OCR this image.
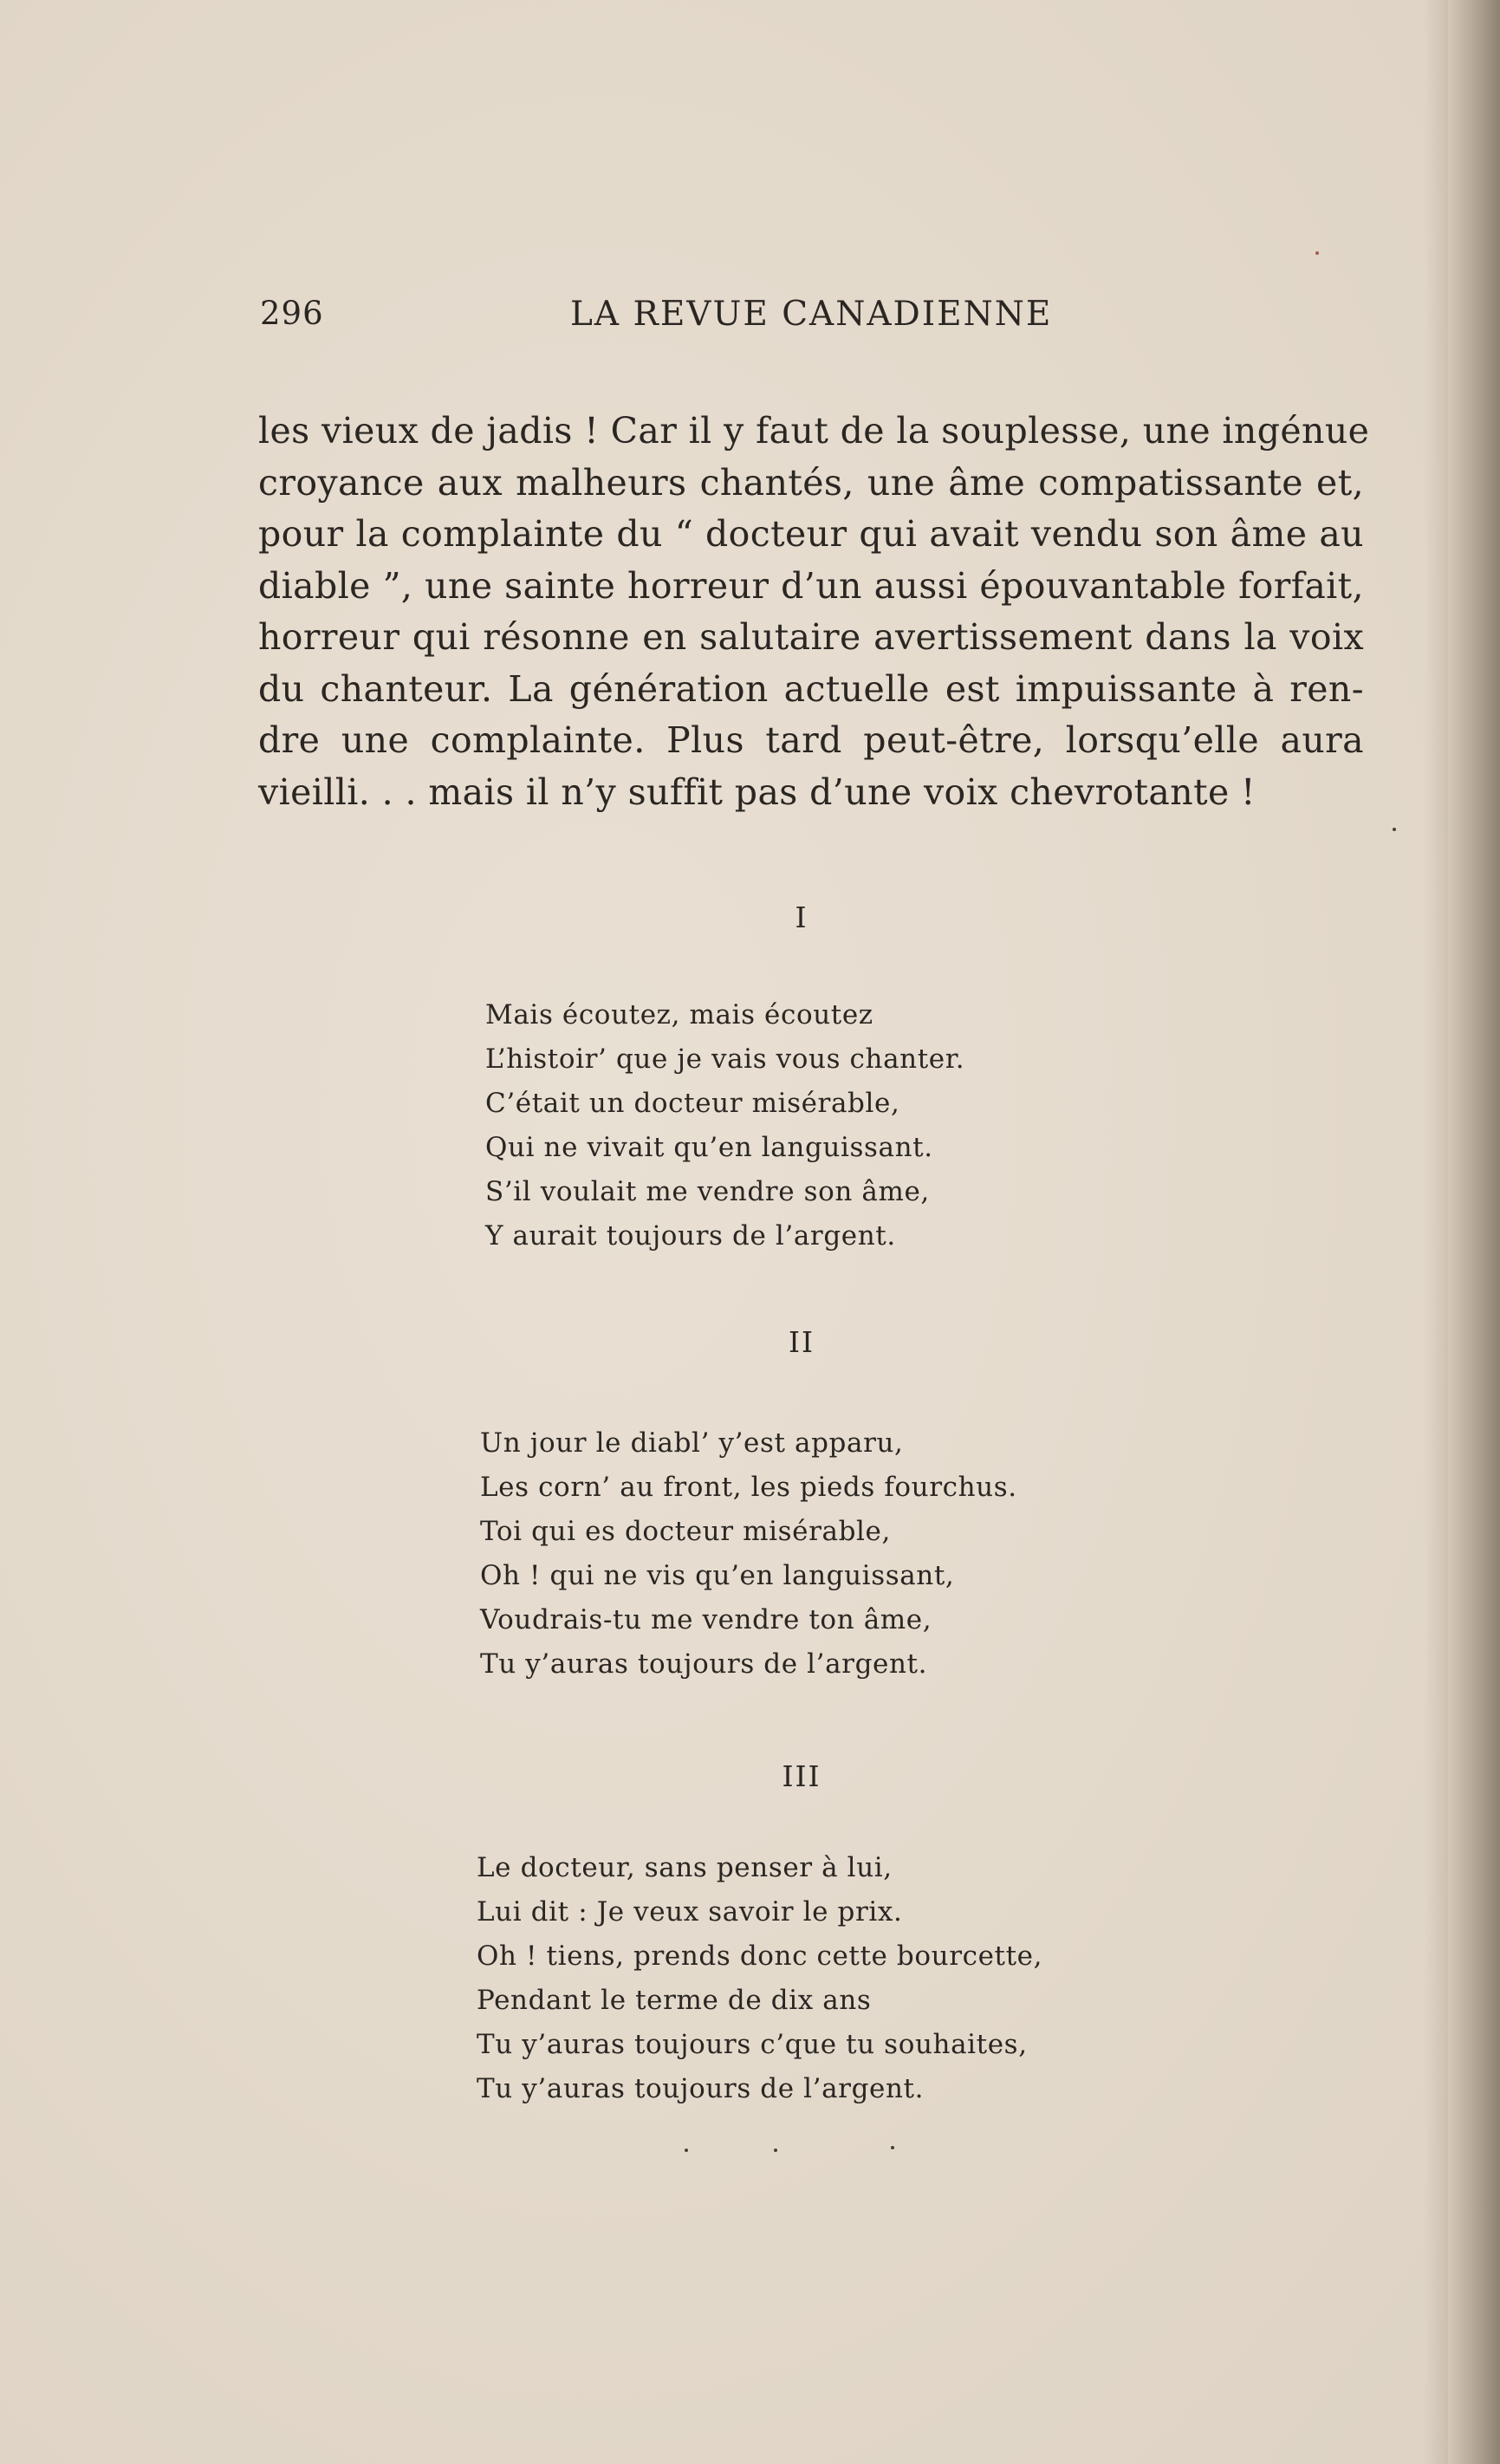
296	LA REVUE CANADIENNE
les vieux de jadis ! Car il y faut de la souplesse, une ingénue
croyance aux malheurs chantés, une âme compatissante et,
pour la complainte du “ docteur qui avait vendu son âme au
diable ”, une sainte horreur d’un aussi épouvantable forfait,
horreur qui résonne en salutaire avertissement dans la voix
du chanteur. La génération actuelle est impuissante à ren-
dre une complainte. Plus tard peut-être, lorsqu’elle aura
vieilli. . . mais il n’y suffit pas d’une voix chevrotante !
I
Mais écoutez, mais écoutez
L’histoir’ que je vais vous chanter.
C’était un docteur misérable,
Qui ne vivait qu’en languissant.
S’il voulait me vendre son âme,
Y aurait toujours de l’argent.
II
Un jour le diabl’ y’est apparu,
Les corn’ au front, les pieds fourchus.
Toi qui es docteur misérable,
Oh ! qui ne vis qu’en languissant,
Voudrais-tu me vendre ton âme,
Tu y’auras toujours de l’argent.
III
Le docteur, sans penser à lui,
Lui dit : Je veux savoir le prix.
Oh ! tiens, prends donc cette bourcette,
Pendant le terme de dix ans
Tu y’auras toujours c’que tu souhaites,
Tu y’auras toujours de l’argent.
